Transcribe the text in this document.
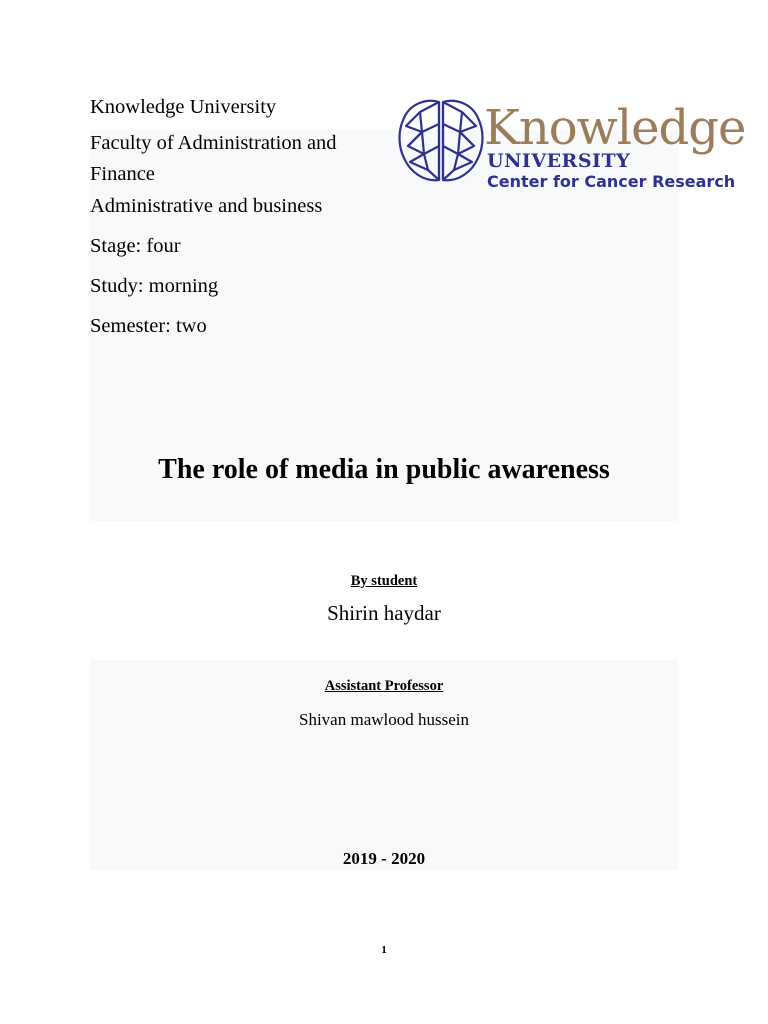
Knowledge University
Faculty of Administration and
Finance
Administrative and business
Stage: four
Study: morning
Semester: two
Knowledge
UNIVERSITY
Center for Cancer Research
The role of media in public awareness
By student
Shirin haydar
Assistant Professor
Shivan mawlood hussein
2019 - 2020
1
